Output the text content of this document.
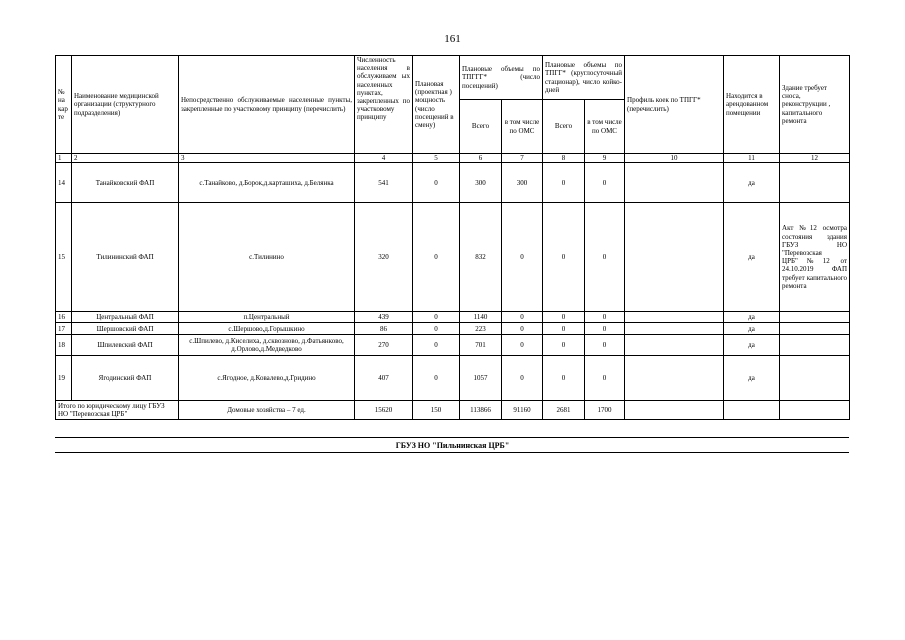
161
№ на кар те	Наименование медицинской организации (структурного подразделения)	Непосредственно обслуживаемые населенные пункты, закрепленные по участковому принципу (перечислить)	Численность населения в обслуживаем ых населенных пунктах, закрепленных по участковому принципу	Плановая (проектная ) мощность (число посещений в смену)	Плановые объемы по ТПГГГ* (число посещений)		Плановые объемы по ТПГГ* (круглосуточный стационар), число койко-дней		Профиль коек по ТПГГ* (перечислить)	Находится в арендованном помещении	Здание требует сноса, реконструкции , капитального ремонта
					Всего	в том числе по ОМС	Всего	в том числе по ОМС			
1	2	3	4	5	6	7	8	9	10	11	12
14	Танайковский ФАП	с.Танайково, д.Борок,д.карташиха, д.Белянка	541	0	300	300	0	0		да	
15	Тилининский ФАП	с.Тилинино	320	0	832	0	0	0		да	Акт №12 осмотра состояния здания ГБУЗ НО "Перевозская ЦРБ"№12 от 24.10.2019 ФАП требует капитального ремонта
16	Центральный ФАП	п.Центральный	439	0	1140	0	0	0		да	
17	Шершовский ФАП	с.Шершово,д.Горышкино	86	0	223	0	0	0		да	
18	Шпилевский ФАП	с.Шпилево, д.Киселиха, д.сквозново, д.Фатьянково, д.Орлово,д.Медведково	270	0	701	0	0	0		да	
19	Ягодинский ФАП	с.Ягодное, д.Ковалево,д.Гридино	407	0	1057	0	0	0		да	
Итого по юридическому лицу ГБУЗ НО "Перевозская ЦРБ"		Домовые хозяйства – 7 ед.	15620	150	113866	91160	2681	1700			
ГБУЗ НО "Пильнинская ЦРБ"
